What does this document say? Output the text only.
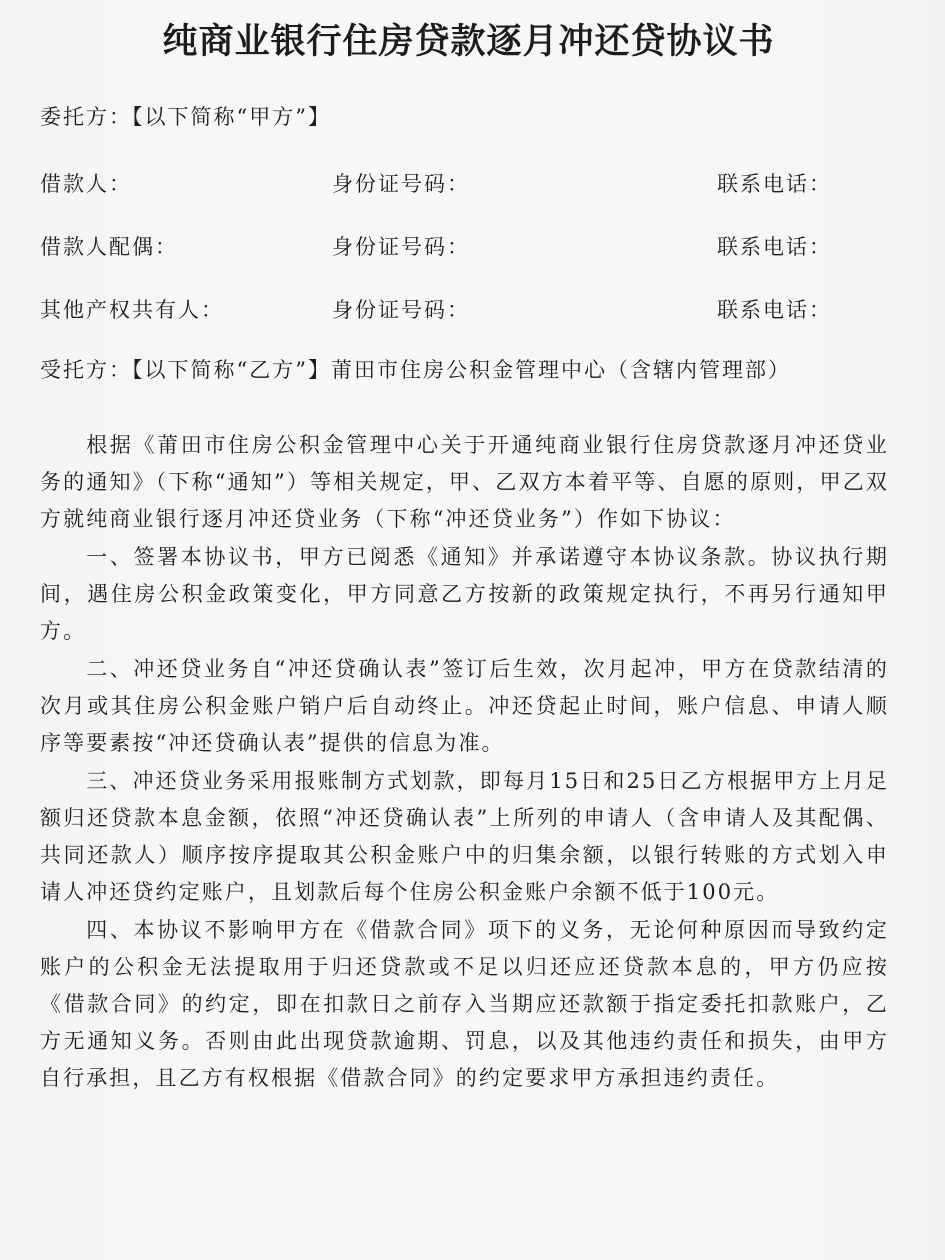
纯商业银行住房贷款逐月冲还贷协议书
委托方：【以下简称“甲方”】
借款人：	身份证号码：	联系电话：
借款人配偶：	身份证号码：	联系电话：
其他产权共有人：	身份证号码：	联系电话：
受托方：【以下简称“乙方”】莆田市住房公积金管理中心（含辖内管理部）

根据《莆田市住房公积金管理中心关于开通纯商业银行住房贷款逐月冲还贷业务的通知》（下称“通知”）等相关规定，甲、乙双方本着平等、自愿的原则，甲乙双方就纯商业银行逐月冲还贷业务（下称“冲还贷业务”）作如下协议：

一、签署本协议书，甲方已阅悉《通知》并承诺遵守本协议条款。协议执行期间，遇住房公积金政策变化，甲方同意乙方按新的政策规定执行，不再另行通知甲方。

二、冲还贷业务自“冲还贷确认表”签订后生效，次月起冲，甲方在贷款结清的次月或其住房公积金账户销户后自动终止。冲还贷起止时间，账户信息、申请人顺序等要素按“冲还贷确认表”提供的信息为准。

三、冲还贷业务采用报账制方式划款，即每月15日和25日乙方根据甲方上月足额归还贷款本息金额，依照“冲还贷确认表”上所列的申请人（含申请人及其配偶、共同还款人）顺序按序提取其公积金账户中的归集余额，以银行转账的方式划入申请人冲还贷约定账户，且划款后每个住房公积金账户余额不低于100元。

四、本协议不影响甲方在《借款合同》项下的义务，无论何种原因而导致约定账户的公积金无法提取用于归还贷款或不足以归还应还贷款本息的，甲方仍应按《借款合同》的约定，即在扣款日之前存入当期应还款额于指定委托扣款账户，乙方无通知义务。否则由此出现贷款逾期、罚息，以及其他违约责任和损失，由甲方自行承担，且乙方有权根据《借款合同》的约定要求甲方承担违约责任。
